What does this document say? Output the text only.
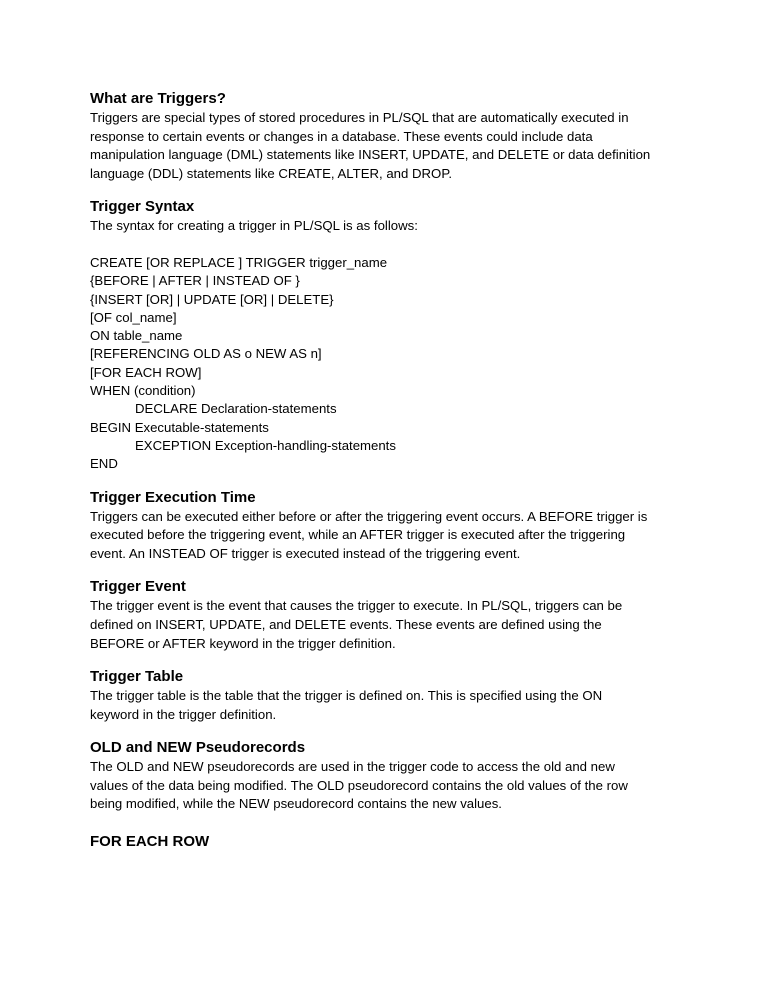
What are Triggers?
Triggers are special types of stored procedures in PL/SQL that are automatically executed in
response to certain events or changes in a database. These events could include data
manipulation language (DML) statements like INSERT, UPDATE, and DELETE or data definition
language (DDL) statements like CREATE, ALTER, and DROP.
Trigger Syntax
The syntax for creating a trigger in PL/SQL is as follows:
CREATE [OR REPLACE ] TRIGGER trigger_name
{BEFORE | AFTER | INSTEAD OF }
{INSERT [OR] | UPDATE [OR] | DELETE}
[OF col_name]
ON table_name
[REFERENCING OLD AS o NEW AS n]
[FOR EACH ROW]
WHEN (condition)
DECLARE Declaration-statements
BEGIN Executable-statements
EXCEPTION Exception-handling-statements
END
Trigger Execution Time
Triggers can be executed either before or after the triggering event occurs. A BEFORE trigger is
executed before the triggering event, while an AFTER trigger is executed after the triggering
event. An INSTEAD OF trigger is executed instead of the triggering event.
Trigger Event
The trigger event is the event that causes the trigger to execute. In PL/SQL, triggers can be
defined on INSERT, UPDATE, and DELETE events. These events are defined using the
BEFORE or AFTER keyword in the trigger definition.
Trigger Table
The trigger table is the table that the trigger is defined on. This is specified using the ON
keyword in the trigger definition.
OLD and NEW Pseudorecords
The OLD and NEW pseudorecords are used in the trigger code to access the old and new
values of the data being modified. The OLD pseudorecord contains the old values of the row
being modified, while the NEW pseudorecord contains the new values.
FOR EACH ROW
